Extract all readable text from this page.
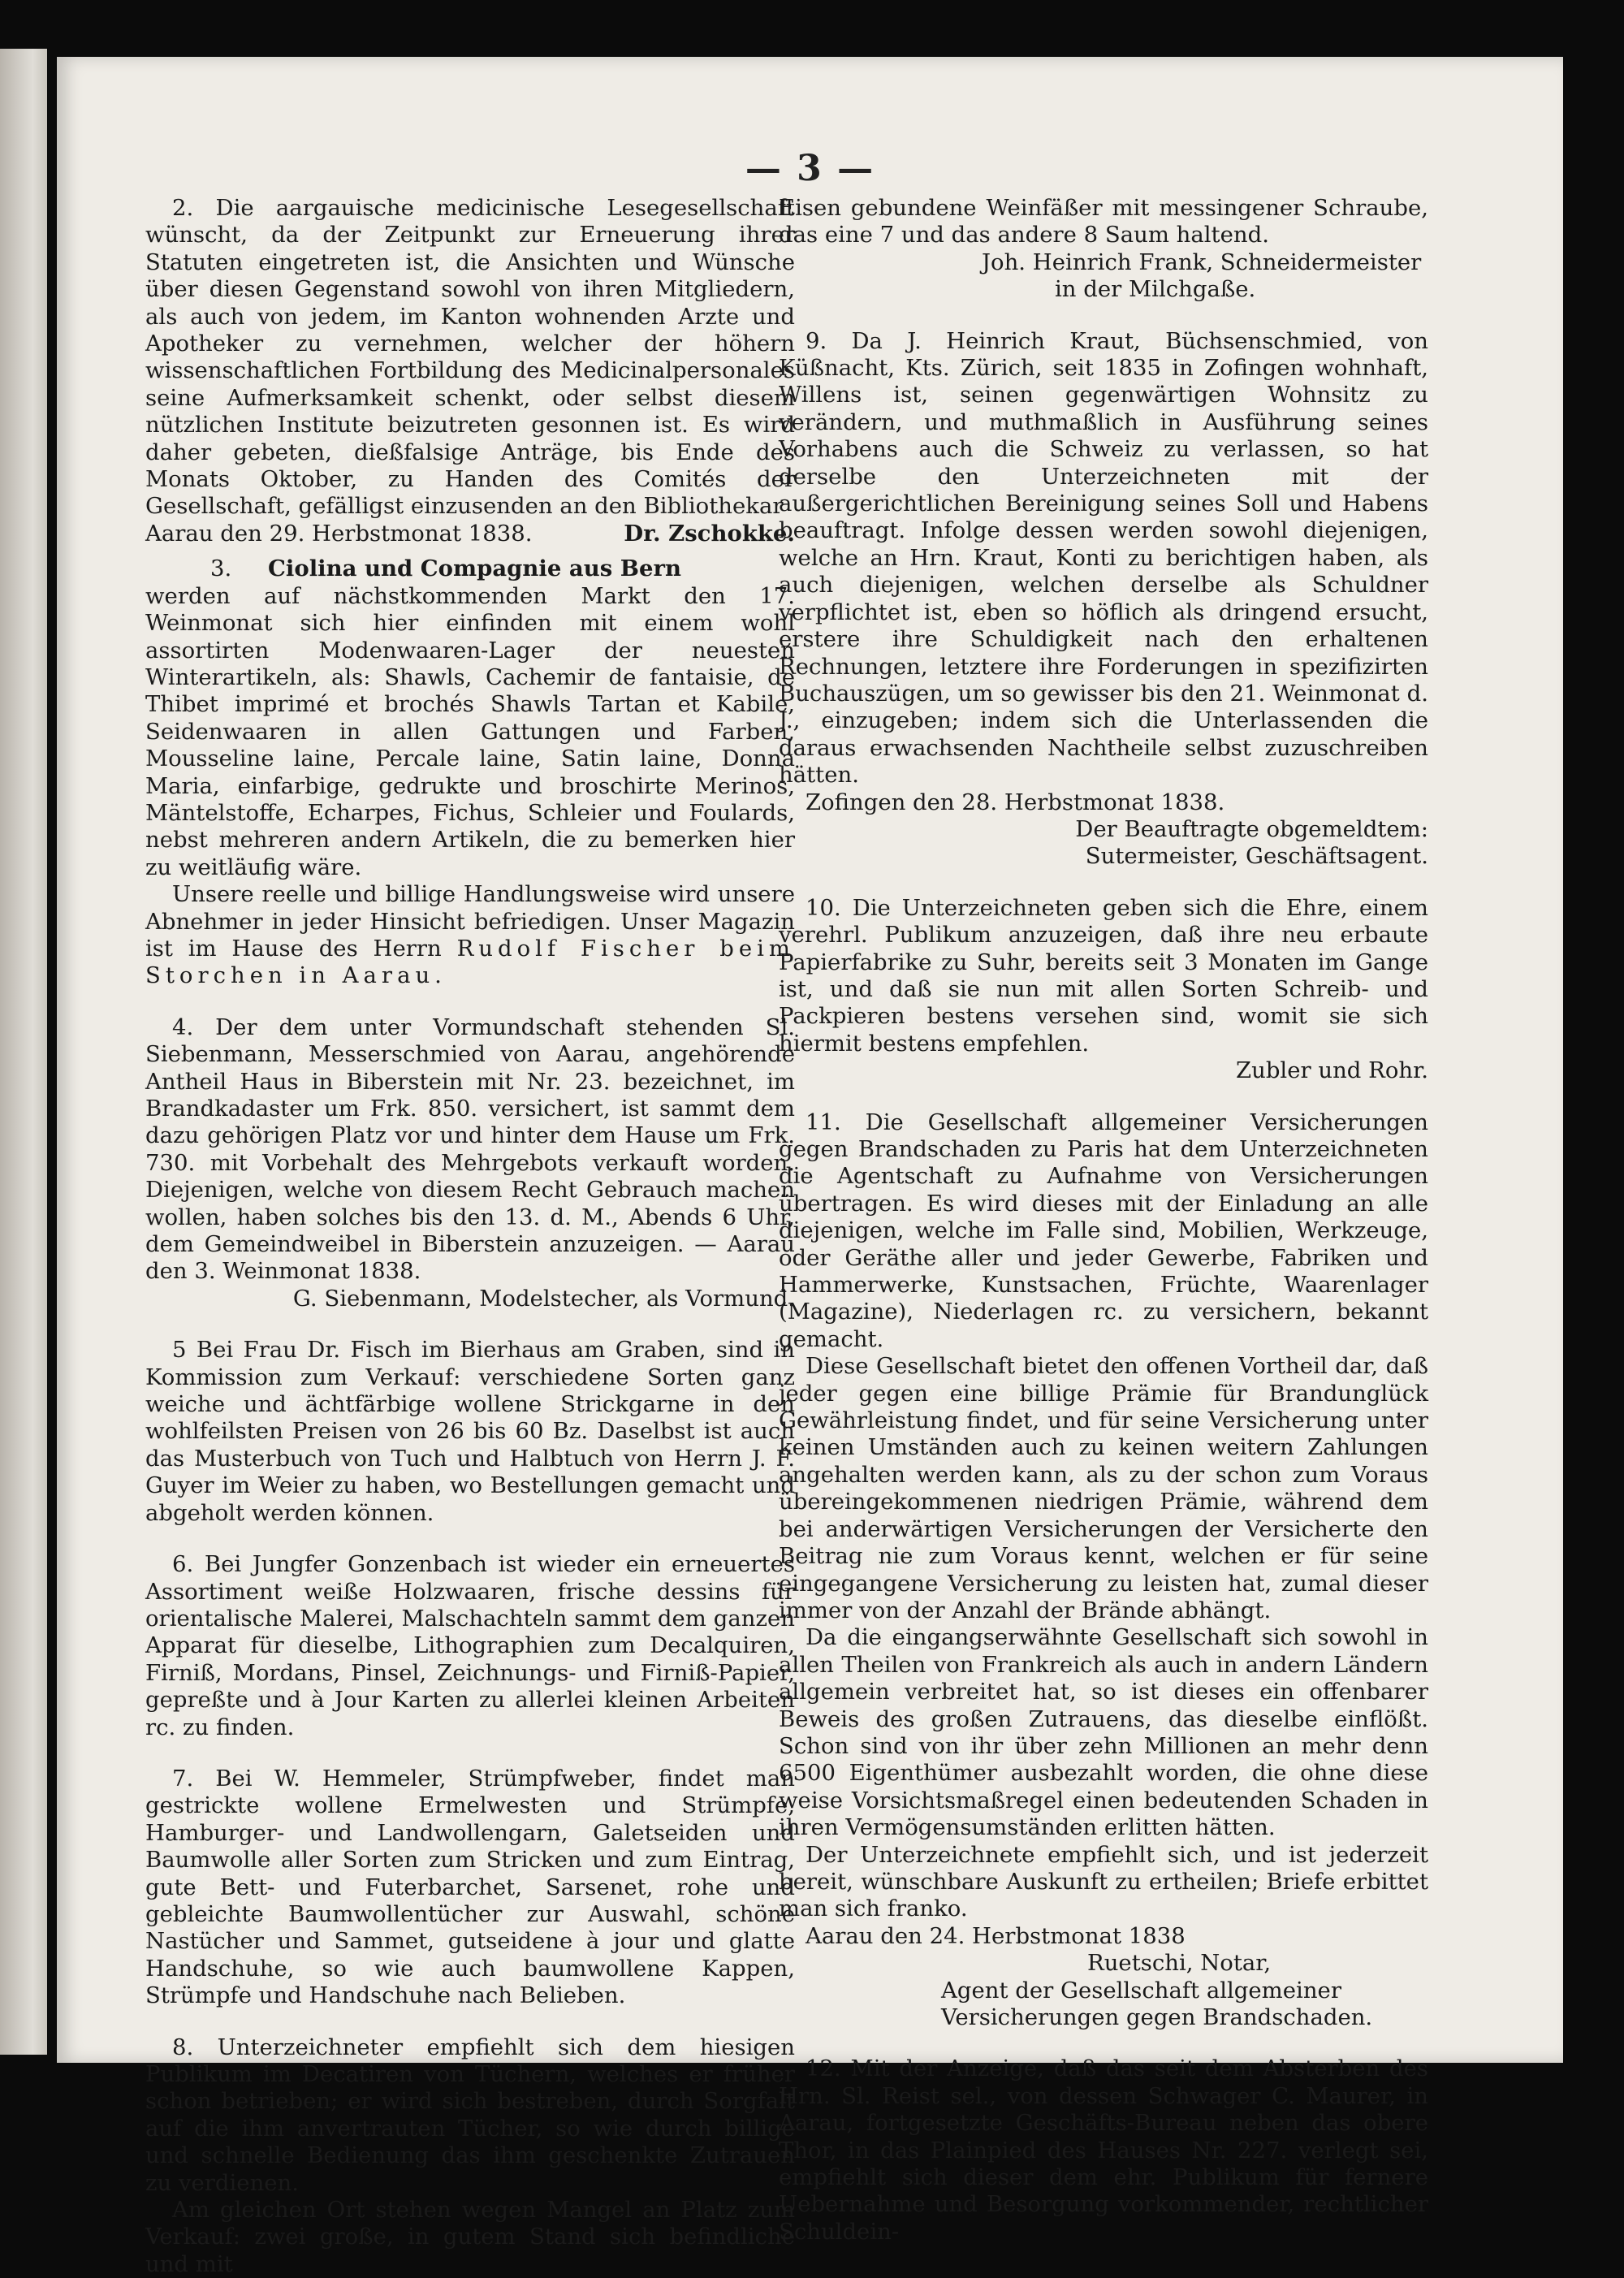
— 3 —

2. Die aargauische medicinische Lesegesellschaft wünscht, da der Zeitpunkt zur Erneuerung ihrer Statuten eingetreten ist, die Ansichten und Wünsche über diesen Gegenstand sowohl von ihren Mitgliedern, als auch von jedem, im Kanton wohnenden Arzte und Apotheker zu vernehmen, welcher der höhern wissenschaftlichen Fortbildung des Medicinalpersonales seine Aufmerksamkeit schenkt, oder selbst diesem nützlichen Institute beizutreten gesonnen ist. Es wird daher gebeten, dießfalsige Anträge, bis Ende des Monats Oktober, zu Handen des Comités der Gesellschaft, gefälligst einzusenden an den Bibliothekar

Aarau den 29. Herbstmonat 1838.	Dr. Zschokke.
3. Ciolina und Compagnie aus Bern

werden auf nächstkommenden Markt den 17. Weinmonat sich hier einfinden mit einem wohl assortirten Modenwaaren-Lager der neuesten Winterartikeln, als: Shawls, Cachemir de fantaisie, de Thibet imprimé et brochés Shawls Tartan et Kabile, Seidenwaaren in allen Gattungen und Farben, Mousseline laine, Percale laine, Satin laine, Donna Maria, einfarbige, gedrukte und broschirte Merinos, Mäntelstoffe, Echarpes, Fichus, Schleier und Foulards, nebst mehreren andern Artikeln, die zu bemerken hier zu weitläufig wäre.

Unsere reelle und billige Handlungsweise wird unsere Abnehmer in jeder Hinsicht befriedigen. Unser Magazin ist im Hause des Herrn Rudolf Fischer beim Storchen in Aarau.

4. Der dem unter Vormundschaft stehenden Sl. Siebenmann, Messerschmied von Aarau, angehörende Antheil Haus in Biberstein mit Nr. 23. bezeichnet, im Brandkadaster um Frk. 850. versichert, ist sammt dem dazu gehörigen Platz vor und hinter dem Hause um Frk. 730. mit Vorbehalt des Mehrgebots verkauft worden. Diejenigen, welche von diesem Recht Gebrauch machen wollen, haben solches bis den 13. d. M., Abends 6 Uhr, dem Gemeindweibel in Biberstein anzuzeigen. — Aarau den 3. Weinmonat 1838.

G. Siebenmann, Modelstecher, als Vormund.

5 Bei Frau Dr. Fisch im Bierhaus am Graben, sind in Kommission zum Verkauf: verschiedene Sorten ganz weiche und ächtfärbige wollene Strickgarne in den wohlfeilsten Preisen von 26 bis 60 Bz. Daselbst ist auch das Musterbuch von Tuch und Halbtuch von Herrn J. F. Guyer im Weier zu haben, wo Bestellungen gemacht und abgeholt werden können.

6. Bei Jungfer Gonzenbach ist wieder ein erneuertes Assortiment weiße Holzwaaren, frische dessins für orientalische Malerei, Malschachteln sammt dem ganzen Apparat für dieselbe, Lithographien zum Decalquiren, Firniß, Mordans, Pinsel, Zeichnungs- und Firniß-Papier, gepreßte und à Jour Karten zu allerlei kleinen Arbeiten rc. zu finden.

7. Bei W. Hemmeler, Strümpfweber, findet man gestrickte wollene Ermelwesten und Strümpfe, Hamburger- und Landwollengarn, Galetseiden und Baumwolle aller Sorten zum Stricken und zum Eintrag, gute Bett- und Futerbarchet, Sarsenet, rohe und gebleichte Baumwollentücher zur Auswahl, schöne Nastücher und Sammet, gutseidene à jour und glatte Handschuhe, so wie auch baumwollene Kappen, Strümpfe und Handschuhe nach Belieben.

8. Unterzeichneter empfiehlt sich dem hiesigen Publikum im Decatiren von Tüchern, welches er früher schon betrieben; er wird sich bestreben, durch Sorgfalt auf die ihm anvertrauten Tücher, so wie durch billige und schnelle Bedienung das ihm geschenkte Zutrauen zu verdienen.

Am gleichen Ort stehen wegen Mangel an Platz zum Verkauf: zwei große, in gutem Stand sich befindliche und mit

Eisen gebundene Weinfäßer mit messingener Schraube, das eine 7 und das andere 8 Saum haltend.

Joh. Heinrich Frank, Schneidermeister

in der Milchgaße.

9. Da J. Heinrich Kraut, Büchsenschmied, von Küßnacht, Kts. Zürich, seit 1835 in Zofingen wohnhaft, Willens ist, seinen gegenwärtigen Wohnsitz zu verändern, und muthmaßlich in Ausführung seines Vorhabens auch die Schweiz zu verlassen, so hat derselbe den Unterzeichneten mit der außergerichtlichen Bereinigung seines Soll und Habens beauftragt. Infolge dessen werden sowohl diejenigen, welche an Hrn. Kraut, Konti zu berichtigen haben, als auch diejenigen, welchen derselbe als Schuldner verpflichtet ist, eben so höflich als dringend ersucht, erstere ihre Schuldigkeit nach den erhaltenen Rechnungen, letztere ihre Forderungen in spezifizirten Buchauszügen, um so gewisser bis den 21. Weinmonat d. J., einzugeben; indem sich die Unterlassenden die daraus erwachsenden Nachtheile selbst zuzuschreiben hätten.

Zofingen den 28. Herbstmonat 1838.

Der Beauftragte obgemeldtem:

Sutermeister, Geschäftsagent.

10. Die Unterzeichneten geben sich die Ehre, einem verehrl. Publikum anzuzeigen, daß ihre neu erbaute Papierfabrike zu Suhr, bereits seit 3 Monaten im Gange ist, und daß sie nun mit allen Sorten Schreib- und Packpieren bestens versehen sind, womit sie sich hiermit bestens empfehlen.

Zubler und Rohr.

11. Die Gesellschaft allgemeiner Versicherungen gegen Brandschaden zu Paris hat dem Unterzeichneten die Agentschaft zu Aufnahme von Versicherungen übertragen. Es wird dieses mit der Einladung an alle diejenigen, welche im Falle sind, Mobilien, Werkzeuge, oder Geräthe aller und jeder Gewerbe, Fabriken und Hammerwerke, Kunstsachen, Früchte, Waarenlager (Magazine), Niederlagen rc. zu versichern, bekannt gemacht.

Diese Gesellschaft bietet den offenen Vortheil dar, daß jeder gegen eine billige Prämie für Brandunglück Gewährleistung findet, und für seine Versicherung unter keinen Umständen auch zu keinen weitern Zahlungen angehalten werden kann, als zu der schon zum Voraus übereingekommenen niedrigen Prämie, während dem bei anderwärtigen Versicherungen der Versicherte den Beitrag nie zum Voraus kennt, welchen er für seine eingegangene Versicherung zu leisten hat, zumal dieser immer von der Anzahl der Brände abhängt.

Da die eingangserwähnte Gesellschaft sich sowohl in allen Theilen von Frankreich als auch in andern Ländern allgemein verbreitet hat, so ist dieses ein offenbarer Beweis des großen Zutrauens, das dieselbe einflößt. Schon sind von ihr über zehn Millionen an mehr denn 6500 Eigenthümer ausbezahlt worden, die ohne diese weise Vorsichtsmaßregel einen bedeutenden Schaden in ihren Vermögensumständen erlitten hätten.

Der Unterzeichnete empfiehlt sich, und ist jederzeit bereit, wünschbare Auskunft zu ertheilen; Briefe erbittet man sich franko.

Aarau den 24. Herbstmonat 1838

Ruetschi, Notar,

Agent der Gesellschaft allgemeiner Versicherungen gegen Brandschaden.

12. Mit der Anzeige, daß das seit dem Absterben des Hrn. Sl. Reist sel., von dessen Schwager C. Maurer, in Aarau, fortgesetzte Geschäfts-Bureau neben das obere Thor, in das Plainpied des Hauses Nr. 227. verlegt sei, empfiehlt sich dieser dem ehr. Publikum für fernere Uebernahme und Besorgung vorkommender, rechtlicher Schuldein-
